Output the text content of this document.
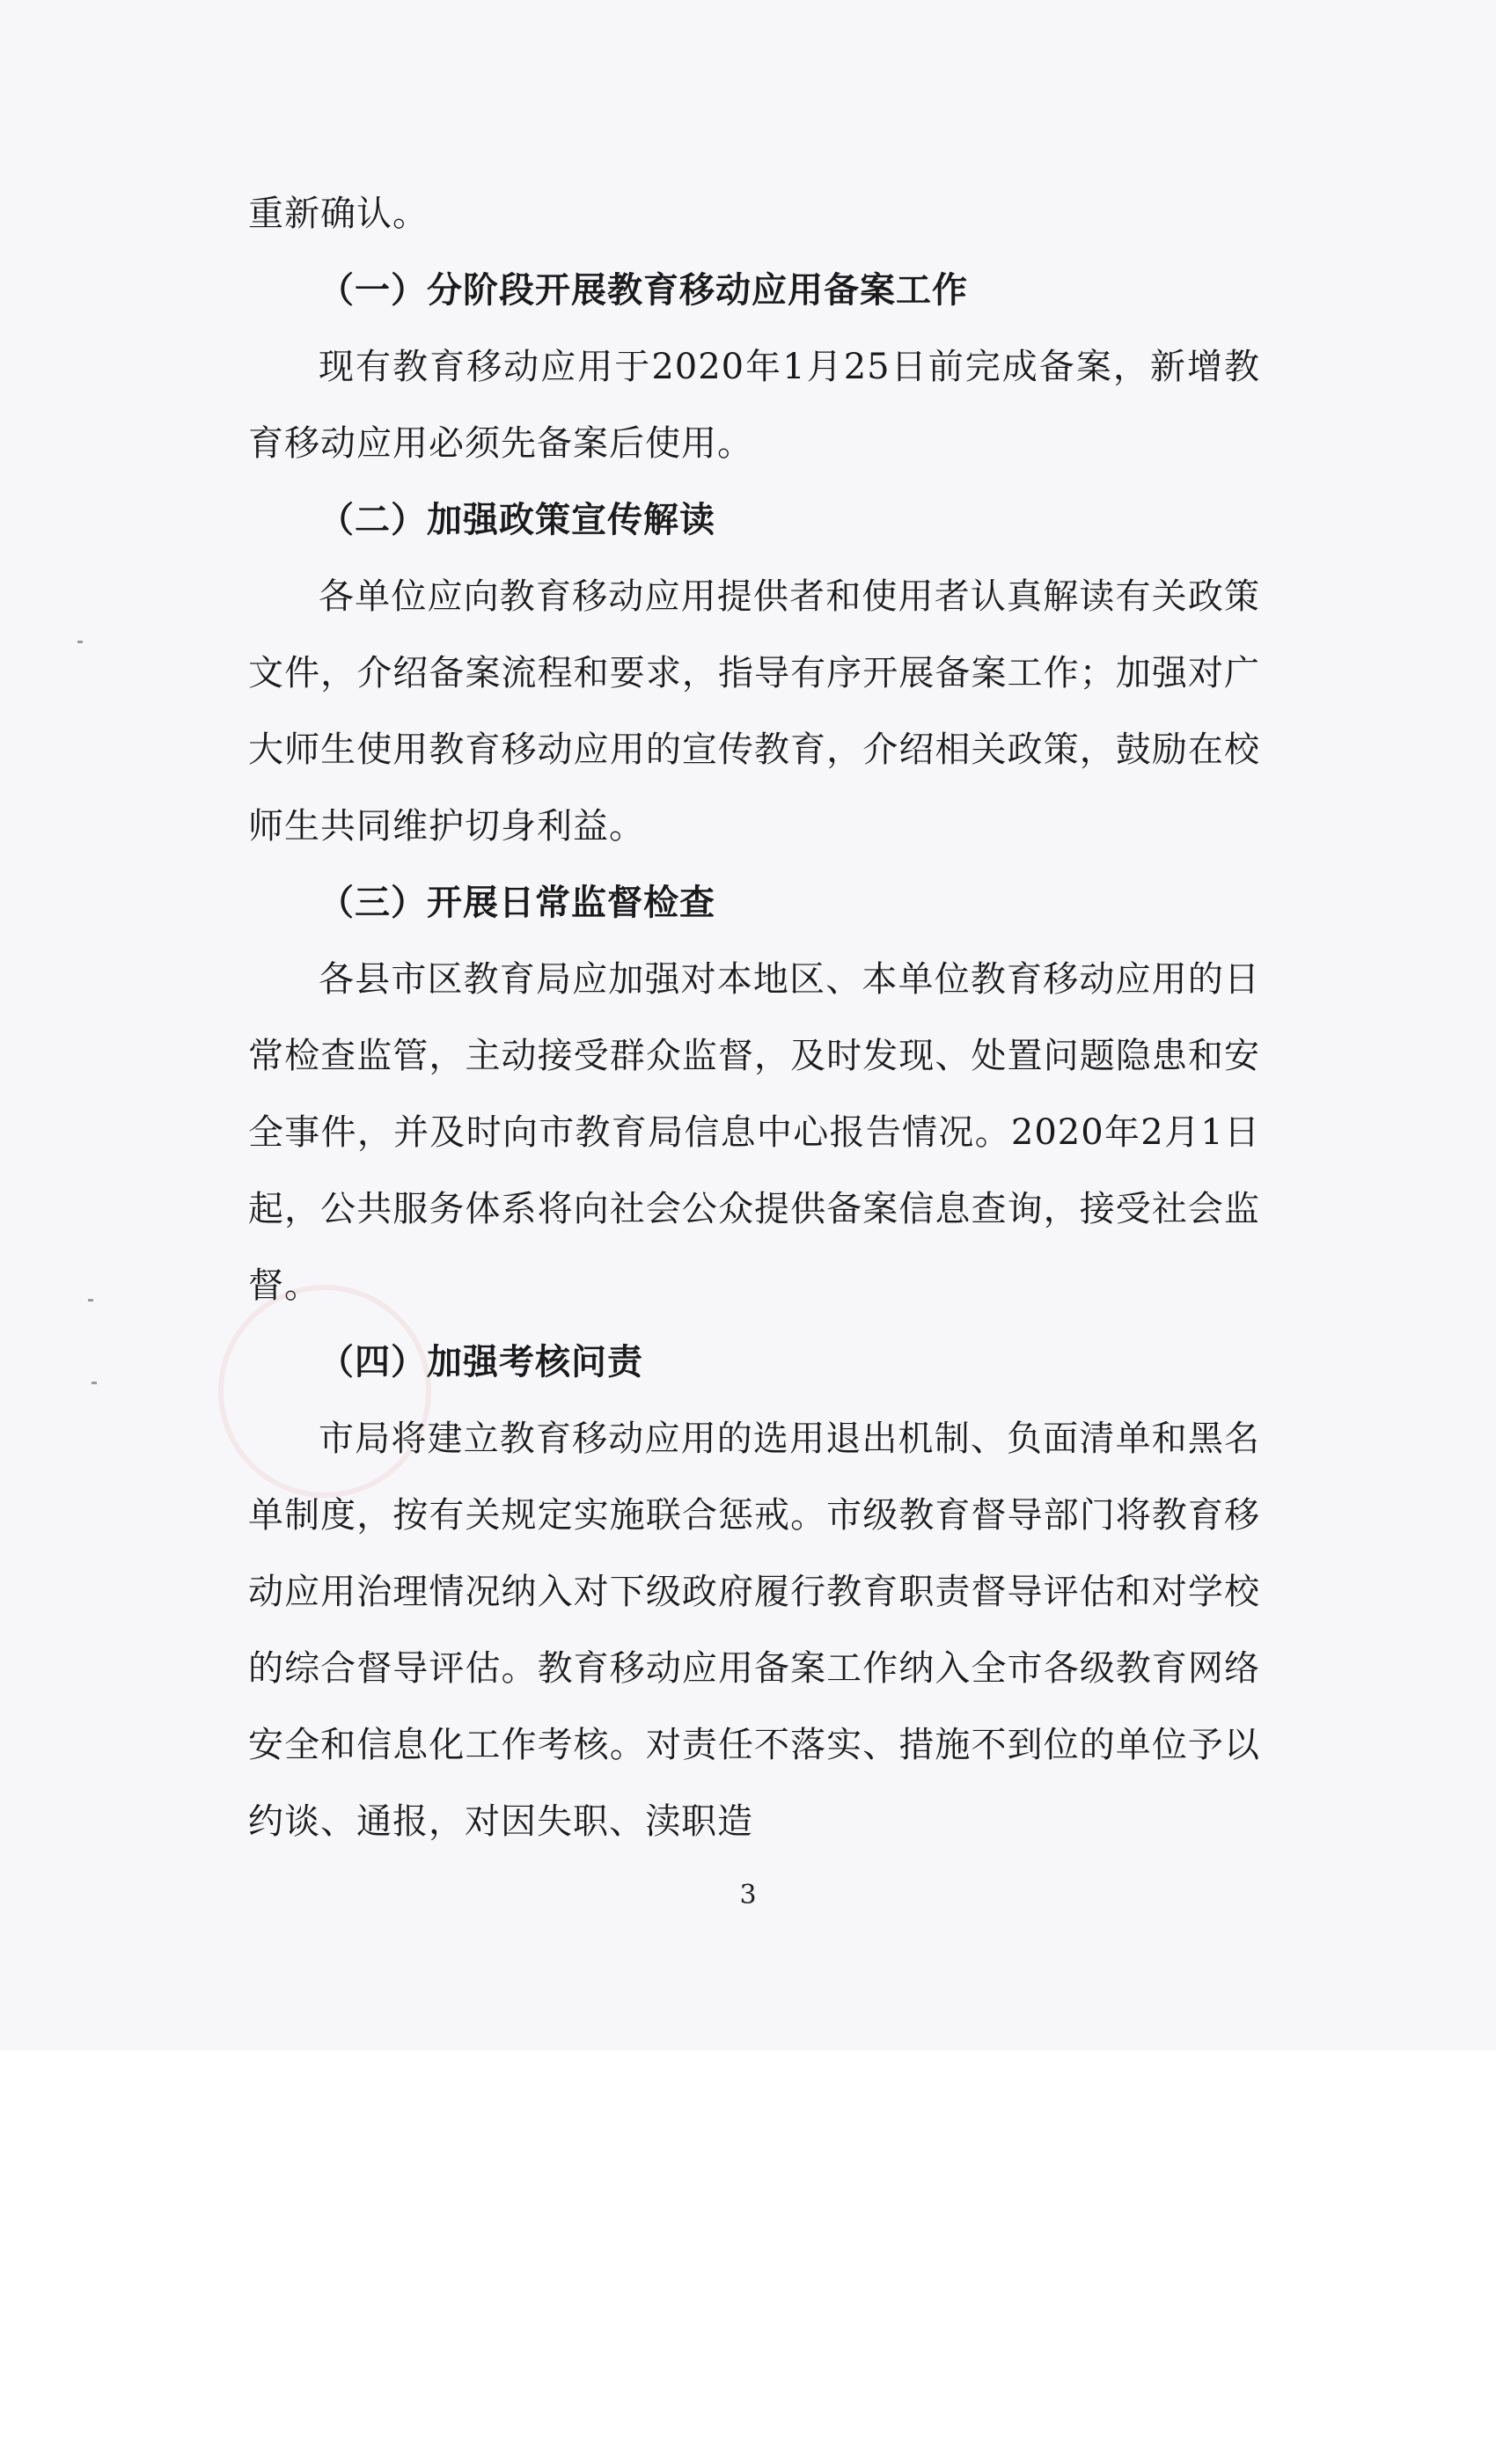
重新确认。

（一）分阶段开展教育移动应用备案工作

现有教育移动应用于2020年1月25日前完成备案，新增教育移动应用必须先备案后使用。

（二）加强政策宣传解读

各单位应向教育移动应用提供者和使用者认真解读有关政策文件，介绍备案流程和要求，指导有序开展备案工作；加强对广大师生使用教育移动应用的宣传教育，介绍相关政策，鼓励在校师生共同维护切身利益。

（三）开展日常监督检查

各县市区教育局应加强对本地区、本单位教育移动应用的日常检查监管，主动接受群众监督，及时发现、处置问题隐患和安全事件，并及时向市教育局信息中心报告情况。2020年2月1日起，公共服务体系将向社会公众提供备案信息查询，接受社会监督。

（四）加强考核问责

市局将建立教育移动应用的选用退出机制、负面清单和黑名单制度，按有关规定实施联合惩戒。市级教育督导部门将教育移动应用治理情况纳入对下级政府履行教育职责督导评估和对学校的综合督导评估。教育移动应用备案工作纳入全市各级教育网络安全和信息化工作考核。对责任不落实、措施不到位的单位予以约谈、通报，对因失职、渎职造

3
